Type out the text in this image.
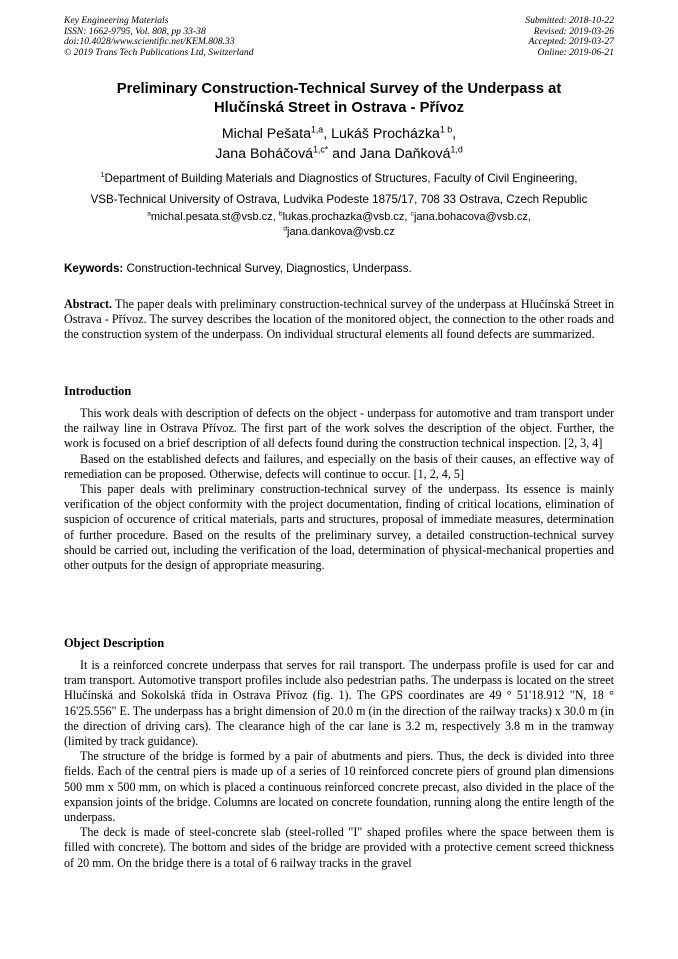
Key Engineering Materials
ISSN: 1662-9795, Vol. 808, pp 33-38
doi:10.4028/www.scientific.net/KEM.808.33
© 2019 Trans Tech Publications Ltd, Switzerland
Submitted: 2018-10-22
Revised: 2019-03-26
Accepted: 2019-03-27
Online: 2019-06-21
Preliminary Construction-Technical Survey of the Underpass at
Hlučínská Street in Ostrava - Přívoz
Michal Pešata$^{1,a}$, Lukáš Procházka$^{1 b}$,
Jana Boháčová$^{1,c*}$ and Jana Daňková$^{1,d}$
$^1$Department of Building Materials and Diagnostics of Structures, Faculty of Civil Engineering,
VSB-Technical University of Ostrava, Ludvika Podeste 1875/17, 708 33 Ostrava, Czech Republic
$^a$michal.pesata.st@vsb.cz, $^b$lukas.prochazka@vsb.cz, $^c$jana.bohacova@vsb.cz,
$^d$jana.dankova@vsb.cz
Keywords: Construction-technical Survey, Diagnostics, Underpass.

Abstract. The paper deals with preliminary construction-technical survey of the underpass at Hlučínská Street in Ostrava - Přívoz. The survey describes the location of the monitored object, the connection to the other roads and the construction system of the underpass. On individual structural elements all found defects are summarized.

Introduction

This work deals with description of defects on the object - underpass for automotive and tram transport under the railway line in Ostrava Přívoz. The first part of the work solves the description of the object. Further, the work is focused on a brief description of all defects found during the construction technical inspection. [2, 3, 4]

Based on the established defects and failures, and especially on the basis of their causes, an effective way of remediation can be proposed. Otherwise, defects will continue to occur. [1, 2, 4, 5]

This paper deals with preliminary construction-technical survey of the underpass. Its essence is mainly verification of the object conformity with the project documentation, finding of critical locations, elimination of suspicion of occurence of critical materials, parts and structures, proposal of immediate measures, determination of further procedure. Based on the results of the preliminary survey, a detailed construction-technical survey should be carried out, including the verification of the load, determination of physical-mechanical properties and other outputs for the design of appropriate measuring.

Object Description

It is a reinforced concrete underpass that serves for rail transport. The underpass profile is used for car and tram transport. Automotive transport profiles include also pedestrian paths. The underpass is located on the street Hlučínská and Sokolská třída in Ostrava Přívoz (fig. 1). The GPS coordinates are 49 ° 51'18.912 "N, 18 ° 16'25.556" E. The underpass has a bright dimension of 20.0 m (in the direction of the railway tracks) x 30.0 m (in the direction of driving cars). The clearance high of the car lane is 3.2 m, respectively 3.8 m in the tramway (limited by track guidance).

The structure of the bridge is formed by a pair of abutments and piers. Thus, the deck is divided into three fields. Each of the central piers is made up of a series of 10 reinforced concrete piers of ground plan dimensions 500 mm x 500 mm, on which is placed a continuous reinforced concrete precast, also divided in the place of the expansion joints of the bridge. Columns are located on concrete foundation, running along the entire length of the underpass.

The deck is made of steel-concrete slab (steel-rolled "I" shaped profiles where the space between them is filled with concrete). The bottom and sides of the bridge are provided with a protective cement screed thickness of 20 mm. On the bridge there is a total of 6 railway tracks in the gravel
